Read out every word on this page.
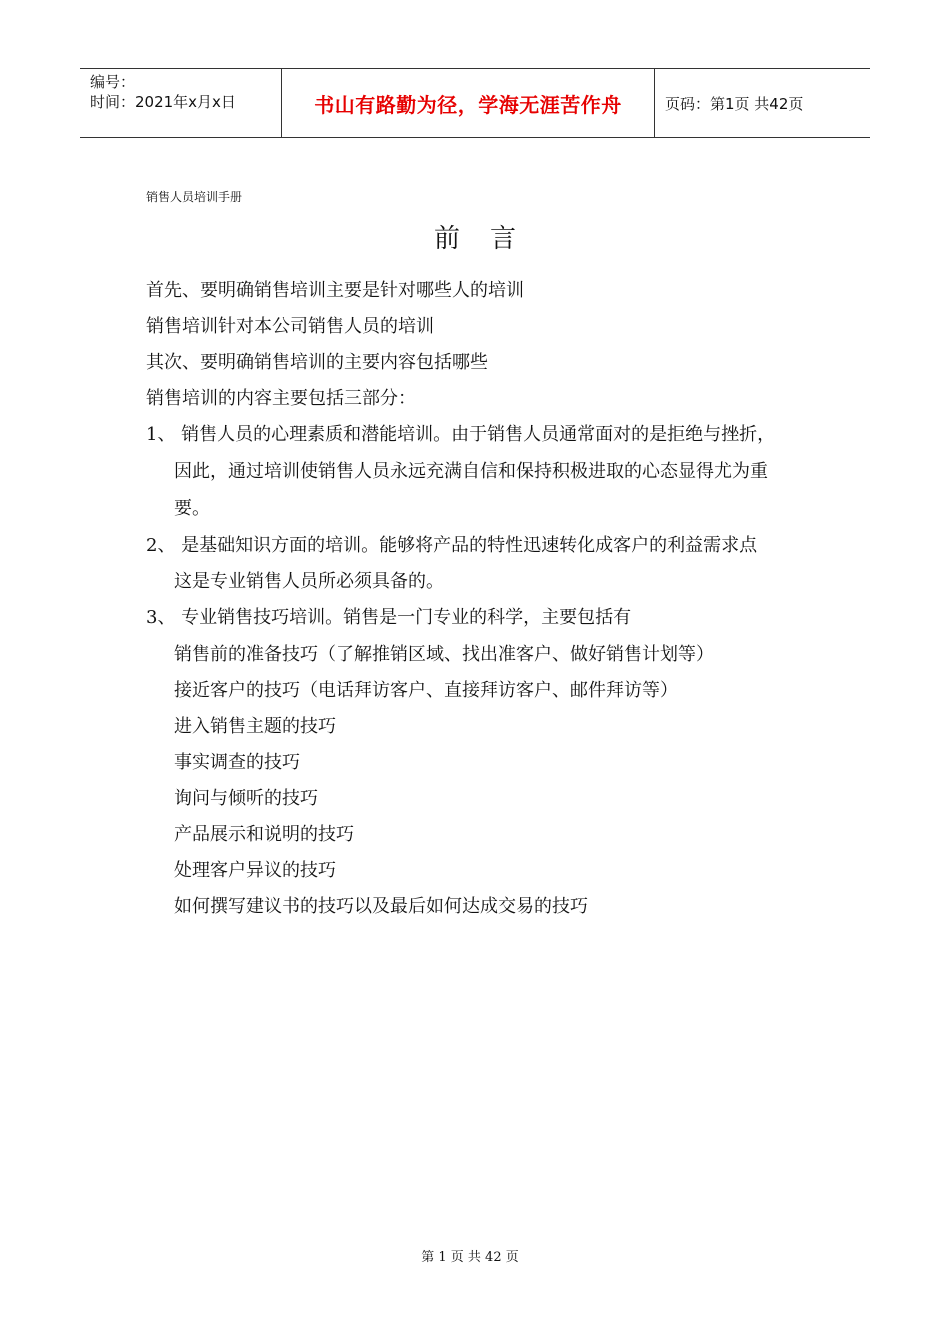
编号：
时间：2021年x月x日	书山有路勤为径，学海无涯苦作舟	页码：第1页 共42页
销售人员培训手册
前言
首先、要明确销售培训主要是针对哪些人的培训
销售培训针对本公司销售人员的培训
其次、要明确销售培训的主要内容包括哪些
销售培训的内容主要包括三部分：
1、 销售人员的心理素质和潜能培训。由于销售人员通常面对的是拒绝与挫折，
因此，通过培训使销售人员永远充满自信和保持积极进取的心态显得尤为重
要。
2、 是基础知识方面的培训。能够将产品的特性迅速转化成客户的利益需求点
这是专业销售人员所必须具备的。
3、 专业销售技巧培训。销售是一门专业的科学，主要包括有
销售前的准备技巧（了解推销区域、找出准客户、做好销售计划等）
接近客户的技巧（电话拜访客户、直接拜访客户、邮件拜访等）
进入销售主题的技巧
事实调查的技巧
询问与倾听的技巧
产品展示和说明的技巧
处理客户异议的技巧
如何撰写建议书的技巧以及最后如何达成交易的技巧
第 1 页 共 42 页
